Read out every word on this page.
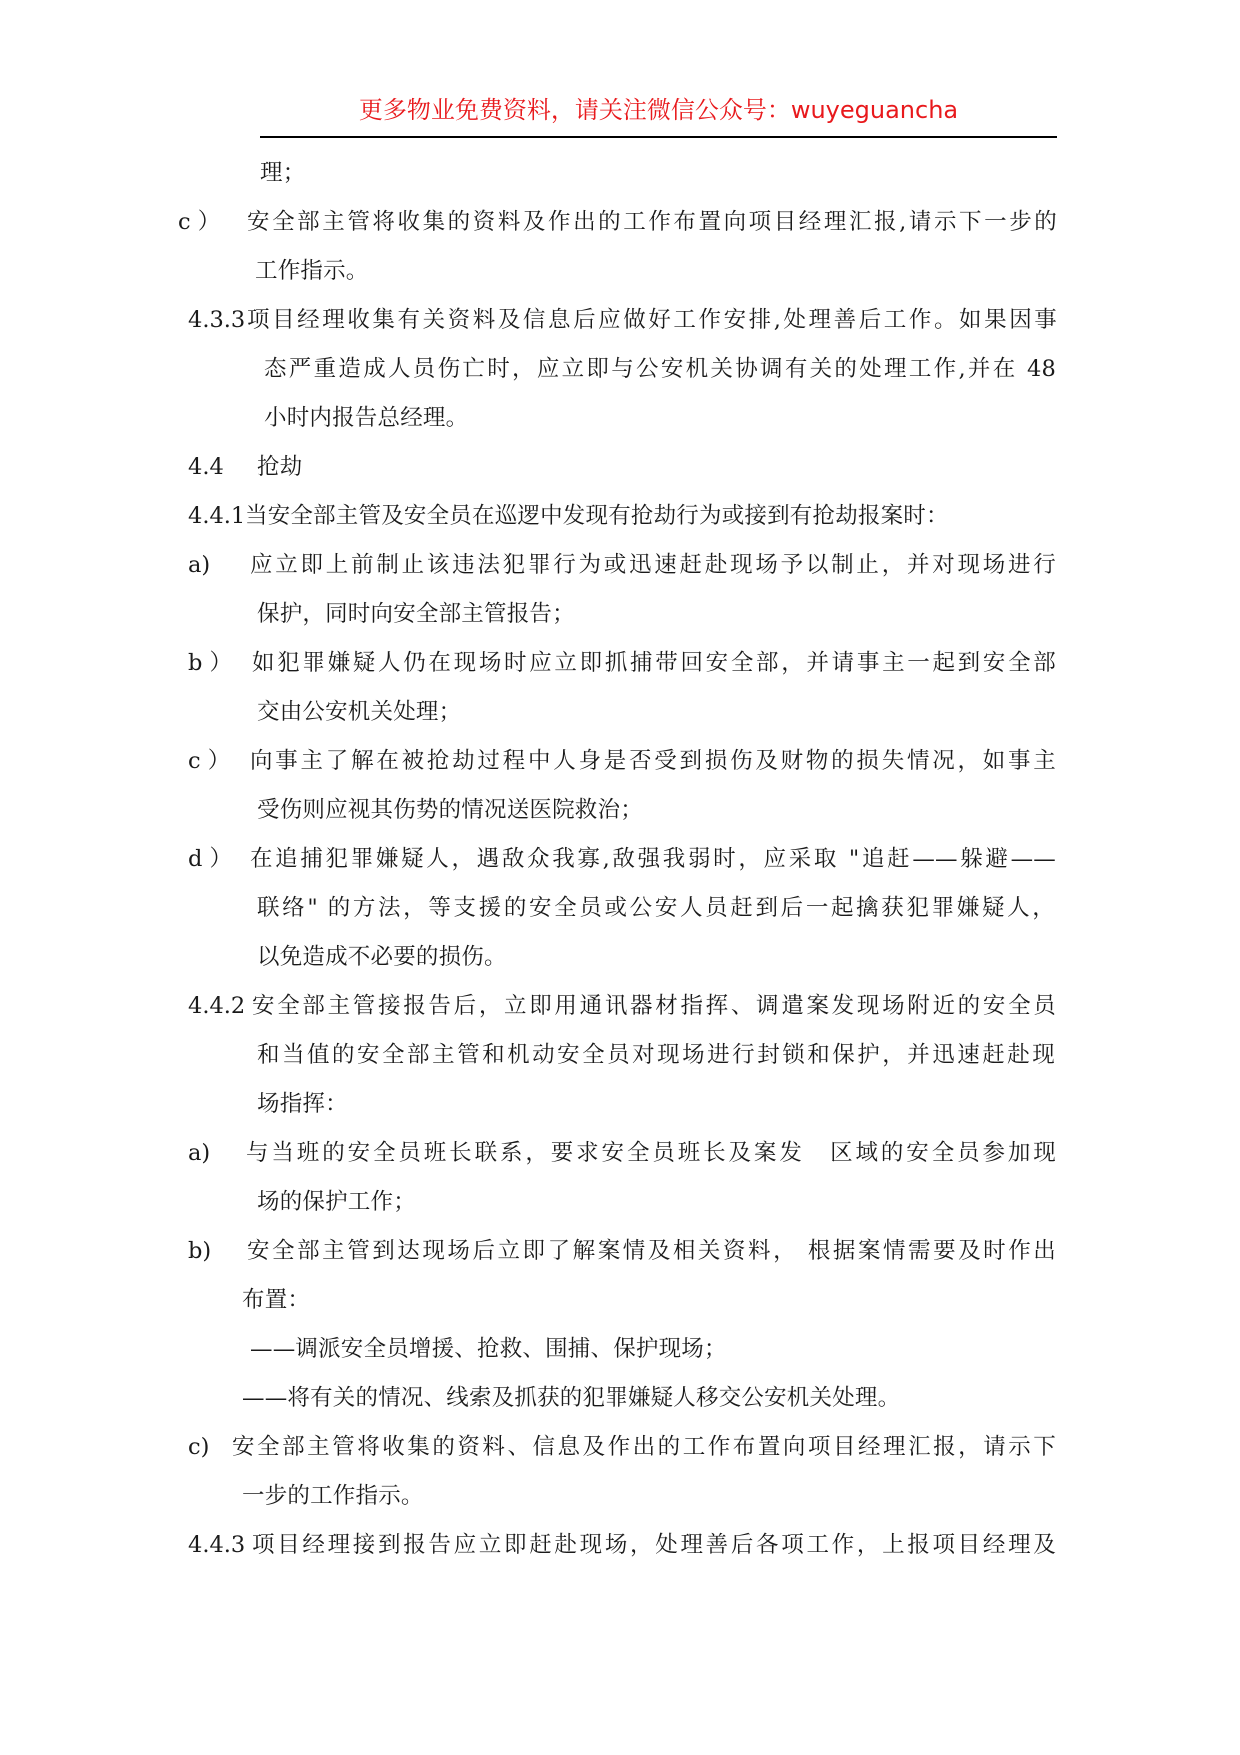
更多物业免费资料，请关注微信公众号：wuyeguancha
理；
c ） 安全部主管将收集的资料及作出的工作布置向项目经理汇报,请示下一步的
工作指示。
4.3.3 项目经理收集有关资料及信息后应做好工作安排,处理善后工作。如果因事
态严重造成人员伤亡时，应立即与公安机关协调有关的处理工作,并在 48
小时内报告总经理。
4.4 抢劫
4.4.1 当安全部主管及安全员在巡逻中发现有抢劫行为或接到有抢劫报案时：
a) 应立即上前制止该违法犯罪行为或迅速赶赴现场予以制止，并对现场进行
保护，同时向安全部主管报告；
b ） 如犯罪嫌疑人仍在现场时应立即抓捕带回安全部，并请事主一起到安全部
交由公安机关处理；
c ） 向事主了解在被抢劫过程中人身是否受到损伤及财物的损失情况，如事主
受伤则应视其伤势的情况送医院救治；
d ） 在追捕犯罪嫌疑人，遇敌众我寡,敌强我弱时，应采取 "追赶——躲避——
联络" 的方法，等支援的安全员或公安人员赶到后一起擒获犯罪嫌疑人，
以免造成不必要的损伤。
4.4.2 安全部主管接报告后，立即用通讯器材指挥、调遣案发现场附近的安全员
和当值的安全部主管和机动安全员对现场进行封锁和保护，并迅速赶赴现
场指挥：
a) 与当班的安全员班长联系，要求安全员班长及案发　区域的安全员参加现
场的保护工作；
b) 安全部主管到达现场后立即了解案情及相关资料， 根据案情需要及时作出
布置：
——调派安全员增援、抢救、围捕、保护现场；
——将有关的情况、线索及抓获的犯罪嫌疑人移交公安机关处理。
c) 安全部主管将收集的资料、信息及作出的工作布置向项目经理汇报，请示下
一步的工作指示。
4.4.3 项目经理接到报告应立即赶赴现场，处理善后各项工作，上报项目经理及
